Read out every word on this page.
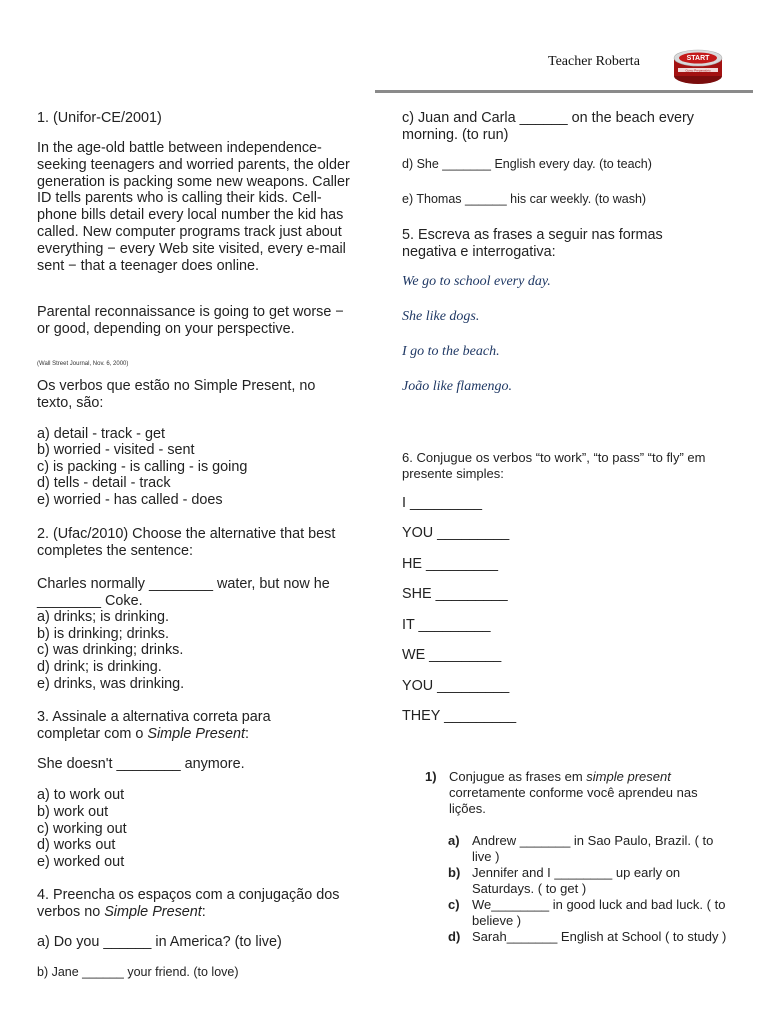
Teacher Roberta	START
Curso Preparatório
1. (Unifor-CE/2001)

In the age-old battle between independence-seeking teenagers and worried parents, the older generation is packing some new weapons. Caller ID tells parents who is calling their kids. Cell-phone bills detail every local number the kid has called. New computer programs track just about everything − every Web site visited, every e-mail sent − that a teenager does online.

Parental reconnaissance is going to get worse − or good, depending on your perspective.

(Wall Street Journal, Nov. 6, 2000)

Os verbos que estão no Simple Present, no texto, são:

a) detail - track - get
b) worried - visited - sent
c) is packing - is calling - is going
d) tells - detail - track
e) worried - has called - does

2. (Ufac/2010) Choose the alternative that best completes the sentence:

Charles normally ________ water, but now he ________ Coke.

a) drinks; is drinking.
b) is drinking; drinks.
c) was drinking; drinks.
d) drink; is drinking.
e) drinks, was drinking.

3. Assinale a alternativa correta para completar com o Simple Present:

She doesn't ________ anymore.
a) to work out
b) work out
c) working out
d) works out
e) worked out

4. Preencha os espaços com a conjugação dos verbos no Simple Present:

a) Do you ______ in America? (to live)
b) Jane ______ your friend. (to love)

c) Juan and Carla ______ on the beach every morning. (to run)

d) She _______ English every day. (to teach)
e) Thomas ______ his car weekly. (to wash)

5. Escreva as frases a seguir nas formas negativa e interrogativa:

We go to school every day.
She like dogs.
I go to the beach.
João like flamengo.

6. Conjugue os verbos “to work”, “to pass” “to fly” em presente simples:

I _________
YOU _________
HE _________
SHE _________
IT _________
WE _________
YOU _________
THEY _________
1) Conjugue as frases em simple present corretamente conforme você aprendeu nas lições.
a) Andrew _______ in Sao Paulo, Brazil. ( to live )
b) Jennifer and I ________ up early on Saturdays. ( to get )
c) We________ in good luck and bad luck. ( to believe )
d) Sarah_______ English at School ( to study )
